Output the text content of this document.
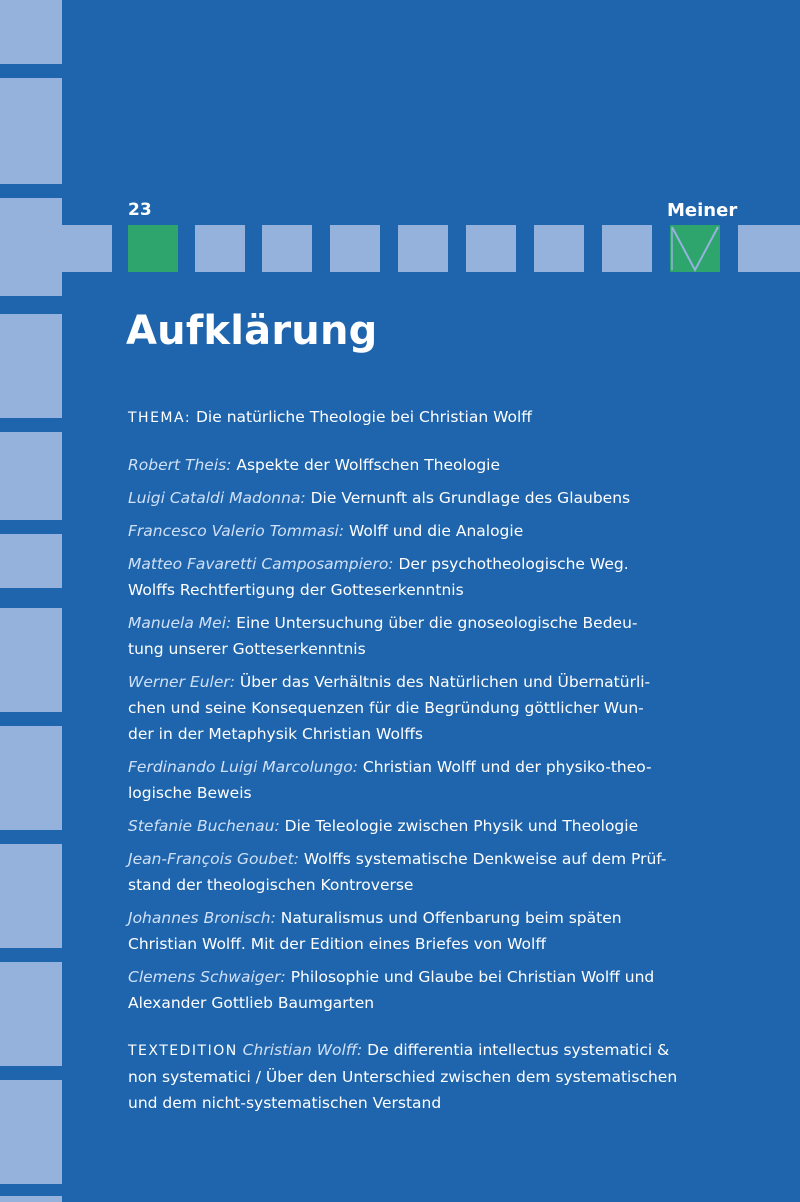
23	Meiner
Aufklärung
THEMA: Die natürliche Theologie bei Christian Wolff
Robert Theis: Aspekte der Wolffschen Theologie
Luigi Cataldi Madonna: Die Vernunft als Grundlage des Glaubens
Francesco Valerio Tommasi: Wolff und die Analogie
Matteo Favaretti Camposampiero: Der psychotheologische Weg.
Wolffs Rechtfertigung der Gotteserkenntnis
Manuela Mei: Eine Untersuchung über die gnoseologische Bedeu-
tung unserer Gotteserkenntnis
Werner Euler: Über das Verhältnis des Natürlichen und Übernatürli-
chen und seine Konsequenzen für die Begründung göttlicher Wun-
der in der Metaphysik Christian Wolffs
Ferdinando Luigi Marcolungo: Christian Wolff und der physiko-theo-
logische Beweis
Stefanie Buchenau: Die Teleologie zwischen Physik und Theologie
Jean-François Goubet: Wolffs systematische Denkweise auf dem Prüf-
stand der theologischen Kontroverse
Johannes Bronisch: Naturalismus und Offenbarung beim späten
Christian Wolff. Mit der Edition eines Briefes von Wolff
Clemens Schwaiger: Philosophie und Glaube bei Christian Wolff und
Alexander Gottlieb Baumgarten
TEXTEDITION Christian Wolff: De differentia intellectus systematici &
non systematici / Über den Unterschied zwischen dem systematischen
und dem nicht-systematischen Verstand
